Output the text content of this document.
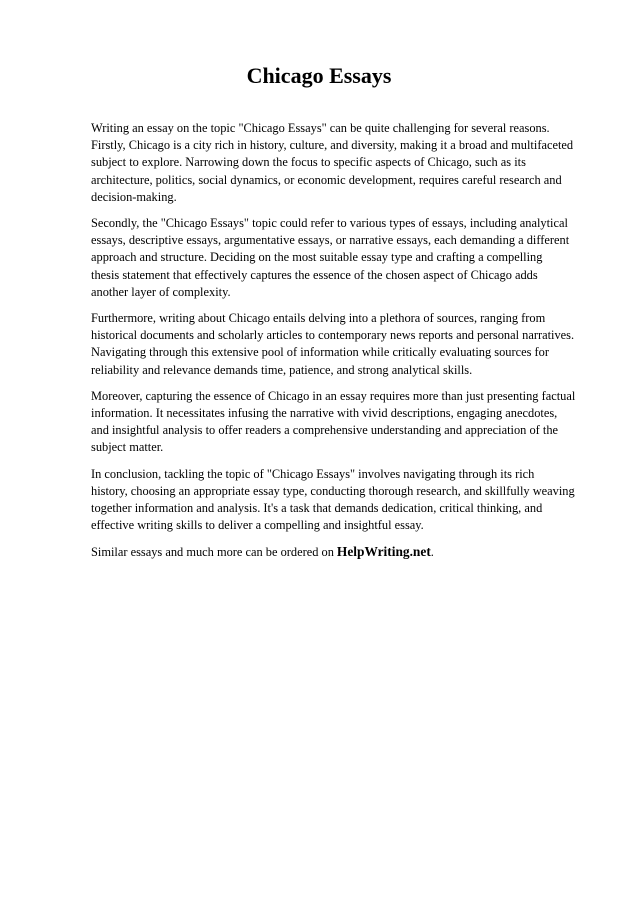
Chicago Essays

Writing an essay on the topic "Chicago Essays" can be quite challenging for several reasons.
Firstly, Chicago is a city rich in history, culture, and diversity, making it a broad and multifaceted
subject to explore. Narrowing down the focus to specific aspects of Chicago, such as its
architecture, politics, social dynamics, or economic development, requires careful research and
decision-making.

Secondly, the "Chicago Essays" topic could refer to various types of essays, including analytical
essays, descriptive essays, argumentative essays, or narrative essays, each demanding a different
approach and structure. Deciding on the most suitable essay type and crafting a compelling
thesis statement that effectively captures the essence of the chosen aspect of Chicago adds
another layer of complexity.

Furthermore, writing about Chicago entails delving into a plethora of sources, ranging from
historical documents and scholarly articles to contemporary news reports and personal narratives.
Navigating through this extensive pool of information while critically evaluating sources for
reliability and relevance demands time, patience, and strong analytical skills.

Moreover, capturing the essence of Chicago in an essay requires more than just presenting factual
information. It necessitates infusing the narrative with vivid descriptions, engaging anecdotes,
and insightful analysis to offer readers a comprehensive understanding and appreciation of the
subject matter.

In conclusion, tackling the topic of "Chicago Essays" involves navigating through its rich
history, choosing an appropriate essay type, conducting thorough research, and skillfully weaving
together information and analysis. It's a task that demands dedication, critical thinking, and
effective writing skills to deliver a compelling and insightful essay.

Similar essays and much more can be ordered on HelpWriting.net.
